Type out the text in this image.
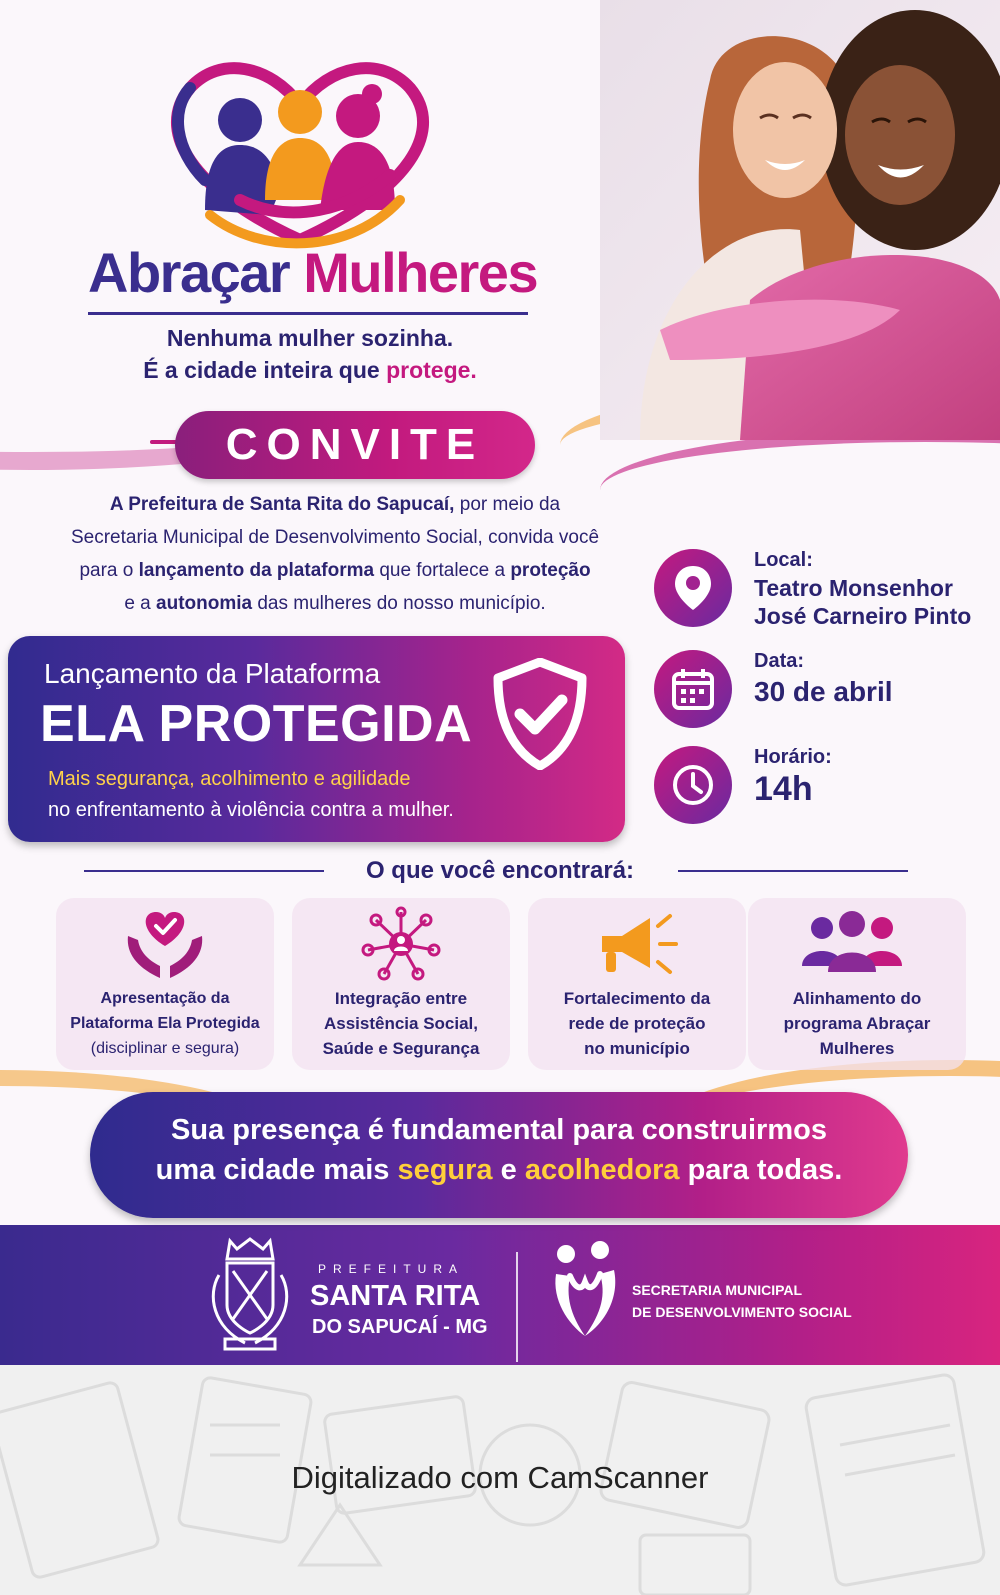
Abraçar Mulheres
Nenhuma mulher sozinha.
É a cidade inteira que protege.
CONVITE
A Prefeitura de Santa Rita do Sapucaí, por meio da
Secretaria Municipal de Desenvolvimento Social, convida você
para o lançamento da plataforma que fortalece a proteção
e a autonomia das mulheres do nosso município.
Lançamento da Plataforma
ELA PROTEGIDA
Mais segurança, acolhimento e agilidade
no enfrentamento à violência contra a mulher.
Local:
Teatro Monsenhor
José Carneiro Pinto
Data:
30 de abril
Horário:
14h
O que você encontrará:
Apresentação da
Plataforma Ela Protegida
(disciplinar e segura)
Integração entre
Assistência Social,
Saúde e Segurança
Fortalecimento da
rede de proteção
no município
Alinhamento do
programa Abraçar
Mulheres
Sua presença é fundamental para construirmos
uma cidade mais segura e acolhedora para todas.
PREFEITURA
SANTA RITA
DO SAPUCAÍ - MG
SECRETARIA MUNICIPAL
DE DESENVOLVIMENTO SOCIAL
Digitalizado com CamScanner
